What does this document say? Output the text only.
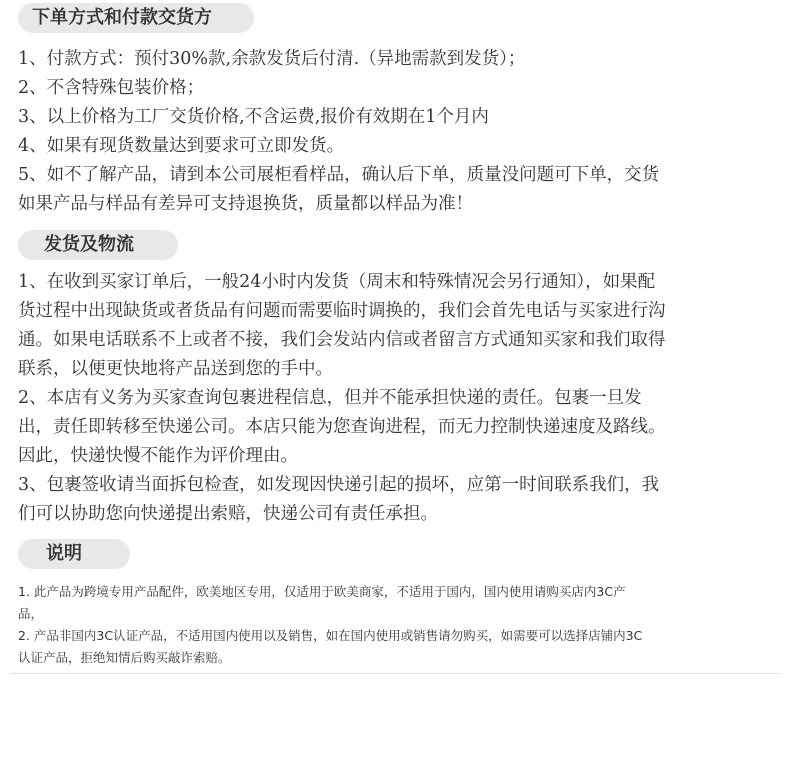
下单方式和付款交货方
1、付款方式：预付30%款,余款发货后付清.（异地需款到发货）；
2、不含特殊包装价格；
3、以上价格为工厂交货价格,不含运费,报价有效期在1个月内
4、如果有现货数量达到要求可立即发货。
5、如不了解产品，请到本公司展柜看样品，确认后下单，质量没问题可下单，交货
如果产品与样品有差异可支持退换货，质量都以样品为准！
发货及物流
1、在收到买家订单后，一般24小时内发货（周末和特殊情况会另行通知），如果配
货过程中出现缺货或者货品有问题而需要临时调换的，我们会首先电话与买家进行沟
通。如果电话联系不上或者不接，我们会发站内信或者留言方式通知买家和我们取得
联系，以便更快地将产品送到您的手中。
2、本店有义务为买家查询包裹进程信息，但并不能承担快递的责任。包裹一旦发
出，责任即转移至快递公司。本店只能为您查询进程，而无力控制快递速度及路线。
因此，快递快慢不能作为评价理由。
3、包裹签收请当面拆包检查，如发现因快递引起的损坏，应第一时间联系我们，我
们可以协助您向快递提出索赔，快递公司有责任承担。
说明
1. 此产品为跨境专用产品配件，欧美地区专用，仅适用于欧美商家，不适用于国内，国内使用请购买店内3C产
品，
2. 产品非国内3C认证产品，不适用国内使用以及销售，如在国内使用或销售请勿购买，如需要可以选择店铺内3C
认证产品，拒绝知情后购买敲诈索赔。
